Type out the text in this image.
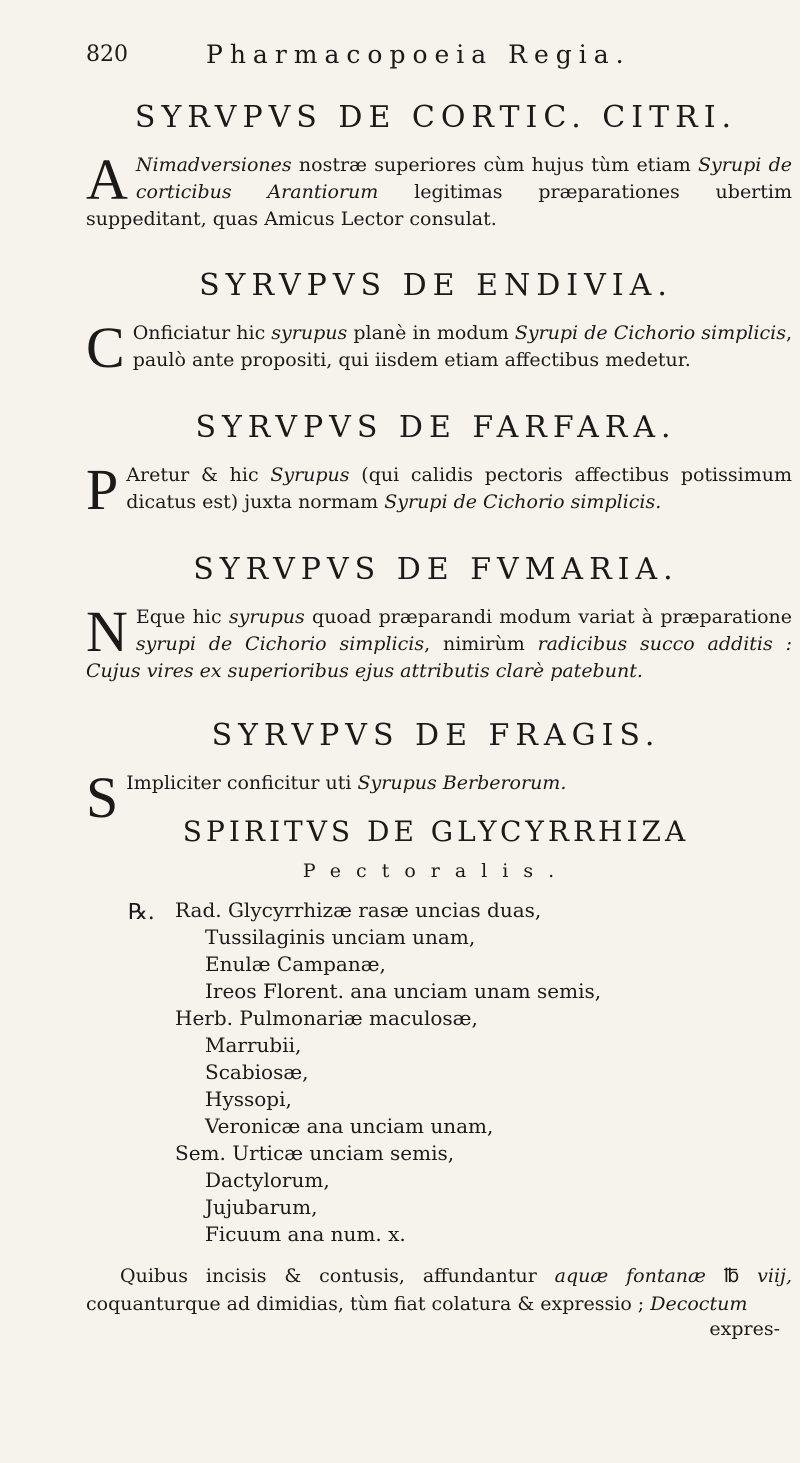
820	Pharmacopoeia Regia.
SYRVPVS DE CORTIC. CITRI.
A Nimadversiones nostræ superiores cùm hujus tùm etiam Syrupi de corticibus Arantiorum legitimas præparationes ubertim suppeditant, quas Amicus Lector consulat.
SYRVPVS DE ENDIVIA.
C Onficiatur hic syrupus planè in modum Syrupi de Cichorio simplicis, paulò ante propositi, qui iisdem etiam affectibus medetur.
SYRVPVS DE FARFARA.
P Aretur & hic Syrupus (qui calidis pectoris affectibus potissimum dicatus est) juxta normam Syrupi de Cichorio simplicis.
SYRVPVS DE FVMARIA.
N Eque hic syrupus quoad præparandi modum variat à præparatione syrupi de Cichorio simplicis, nimirùm radicibus succo additis : Cujus vires ex superioribus ejus attributis clarè patebunt.
SYRVPVS DE FRAGIS.
S Impliciter conficitur uti Syrupus Berberorum.
SPIRITVS DE GLYCYRRHIZA
Pectoralis.
℞. Rad. Glycyrrhizæ rasæ uncias duas,
Tussilaginis unciam unam,
Enulæ Campanæ,
Ireos Florent. ana unciam unam semis,
Herb. Pulmonariæ maculosæ,
Marrubii,
Scabiosæ,
Hyssopi,
Veronicæ ana unciam unam,
Sem. Urticæ unciam semis,
Dactylorum,
Jujubarum,
Ficuum ana num. x.
Quibus incisis & contusis, affundantur aquæ fontanæ ℔ viij, coquanturque ad dimidias, tùm fiat colatura & expressio ; Decoctum
expres-
